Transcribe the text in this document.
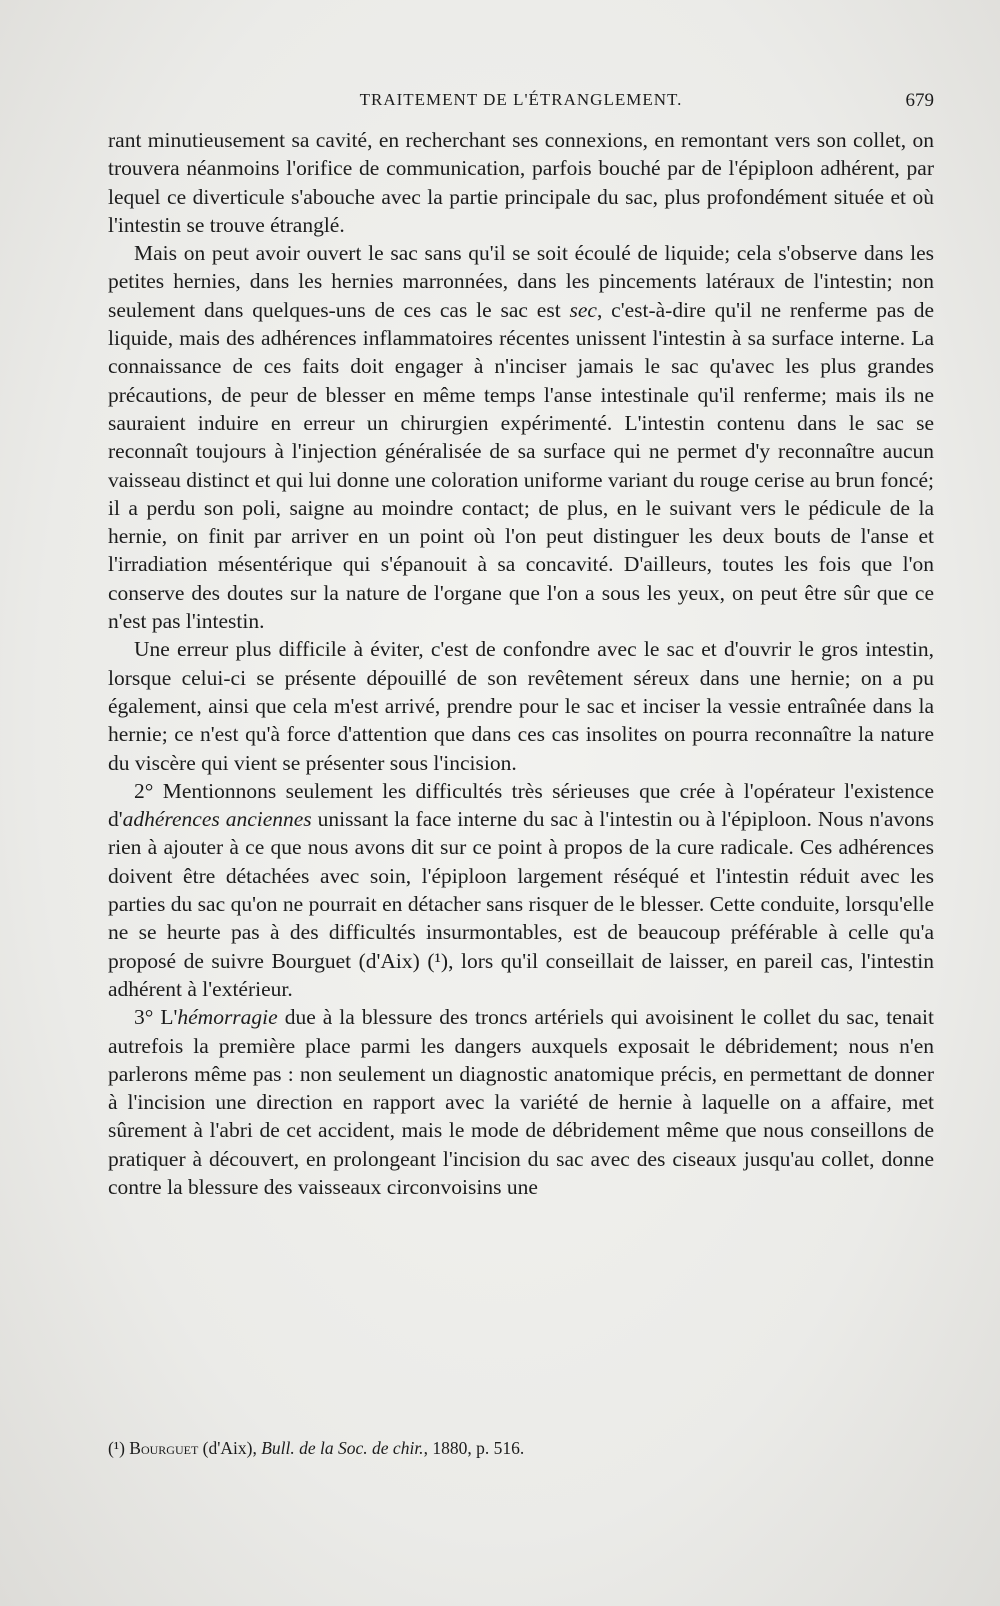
TRAITEMENT DE L'ÉTRANGLEMENT.	679

rant minutieusement sa cavité, en recherchant ses connexions, en remontant vers son collet, on trouvera néanmoins l'orifice de communication, parfois bouché par de l'épiploon adhérent, par lequel ce diverticule s'abouche avec la partie principale du sac, plus profondément située et où l'intestin se trouve étranglé.

Mais on peut avoir ouvert le sac sans qu'il se soit écoulé de liquide; cela s'observe dans les petites hernies, dans les hernies marronnées, dans les pincements latéraux de l'intestin; non seulement dans quelques-uns de ces cas le sac est sec, c'est-à-dire qu'il ne renferme pas de liquide, mais des adhérences inflammatoires récentes unissent l'intestin à sa surface interne. La connaissance de ces faits doit engager à n'inciser jamais le sac qu'avec les plus grandes précautions, de peur de blesser en même temps l'anse intestinale qu'il renferme; mais ils ne sauraient induire en erreur un chirurgien expérimenté. L'intestin contenu dans le sac se reconnaît toujours à l'injection généralisée de sa surface qui ne permet d'y reconnaître aucun vaisseau distinct et qui lui donne une coloration uniforme variant du rouge cerise au brun foncé; il a perdu son poli, saigne au moindre contact; de plus, en le suivant vers le pédicule de la hernie, on finit par arriver en un point où l'on peut distinguer les deux bouts de l'anse et l'irradiation mésentérique qui s'épanouit à sa concavité. D'ailleurs, toutes les fois que l'on conserve des doutes sur la nature de l'organe que l'on a sous les yeux, on peut être sûr que ce n'est pas l'intestin.

Une erreur plus difficile à éviter, c'est de confondre avec le sac et d'ouvrir le gros intestin, lorsque celui-ci se présente dépouillé de son revêtement séreux dans une hernie; on a pu également, ainsi que cela m'est arrivé, prendre pour le sac et inciser la vessie entraînée dans la hernie; ce n'est qu'à force d'attention que dans ces cas insolites on pourra reconnaître la nature du viscère qui vient se présenter sous l'incision.

2° Mentionnons seulement les difficultés très sérieuses que crée à l'opérateur l'existence d'adhérences anciennes unissant la face interne du sac à l'intestin ou à l'épiploon. Nous n'avons rien à ajouter à ce que nous avons dit sur ce point à propos de la cure radicale. Ces adhérences doivent être détachées avec soin, l'épiploon largement réséqué et l'intestin réduit avec les parties du sac qu'on ne pourrait en détacher sans risquer de le blesser. Cette conduite, lorsqu'elle ne se heurte pas à des difficultés insurmontables, est de beaucoup préférable à celle qu'a proposé de suivre Bourguet (d'Aix) (¹), lors qu'il conseillait de laisser, en pareil cas, l'intestin adhérent à l'extérieur.

3° L'hémorragie due à la blessure des troncs artériels qui avoisinent le collet du sac, tenait autrefois la première place parmi les dangers auxquels exposait le débridement; nous n'en parlerons même pas : non seulement un diagnostic anatomique précis, en permettant de donner à l'incision une direction en rapport avec la variété de hernie à laquelle on a affaire, met sûrement à l'abri de cet accident, mais le mode de débridement même que nous conseillons de pratiquer à découvert, en prolongeant l'incision du sac avec des ciseaux jusqu'au collet, donne contre la blessure des vaisseaux circonvoisins une

(¹) Bourguet (d'Aix), Bull. de la Soc. de chir., 1880, p. 516.
